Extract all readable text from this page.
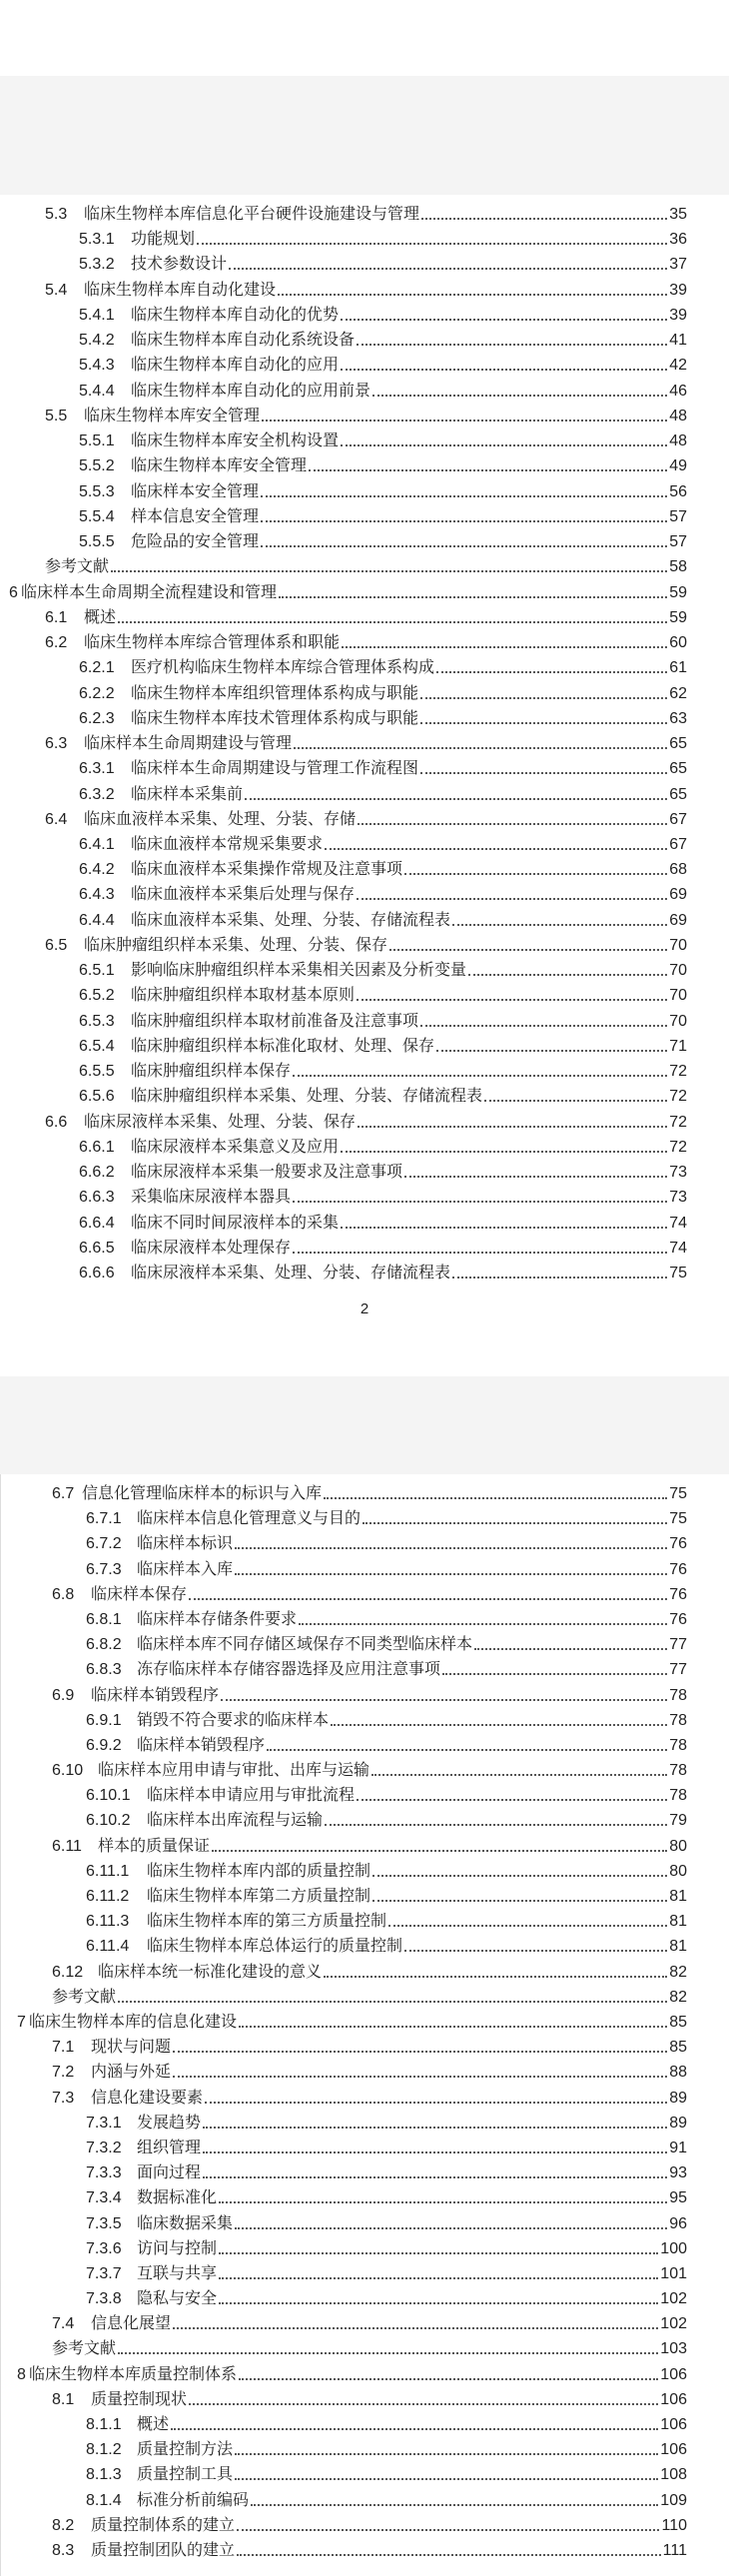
2
5.3 临床生物样本库信息化平台硬件设施建设与管理	35
5.3.1 功能规划	36
5.3.2 技术参数设计	37
5.4 临床生物样本库自动化建设	39
5.4.1 临床生物样本库自动化的优势	39
5.4.2 临床生物样本库自动化系统设备	41
5.4.3 临床生物样本库自动化的应用	42
5.4.4 临床生物样本库自动化的应用前景	46
5.5 临床生物样本库安全管理	48
5.5.1 临床生物样本库安全机构设置	48
5.5.2 临床生物样本库安全管理	49
5.5.3 临床样本安全管理	56
5.5.4 样本信息安全管理	57
5.5.5 危险品的安全管理	57
参考文献	58
6 临床样本生命周期全流程建设和管理	59
6.1 概述	59
6.2 临床生物样本库综合管理体系和职能	60
6.2.1 医疗机构临床生物样本库综合管理体系构成	61
6.2.2 临床生物样本库组织管理体系构成与职能	62
6.2.3 临床生物样本库技术管理体系构成与职能	63
6.3 临床样本生命周期建设与管理	65
6.3.1 临床样本生命周期建设与管理工作流程图	65
6.3.2 临床样本采集前	65
6.4 临床血液样本采集、处理、分装、存储	67
6.4.1 临床血液样本常规采集要求	67
6.4.2 临床血液样本采集操作常规及注意事项	68
6.4.3 临床血液样本采集后处理与保存	69
6.4.4 临床血液样本采集、处理、分装、存储流程表	69
6.5 临床肿瘤组织样本采集、处理、分装、保存	70
6.5.1 影响临床肿瘤组织样本采集相关因素及分析变量	70
6.5.2 临床肿瘤组织样本取材基本原则	70
6.5.3 临床肿瘤组织样本取材前准备及注意事项	70
6.5.4 临床肿瘤组织样本标准化取材、处理、保存	71
6.5.5 临床肿瘤组织样本保存	72
6.5.6 临床肿瘤组织样本采集、处理、分装、存储流程表	72
6.6 临床尿液样本采集、处理、分装、保存	72
6.6.1 临床尿液样本采集意义及应用	72
6.6.2 临床尿液样本采集一般要求及注意事项	73
6.6.3 采集临床尿液样本器具	73
6.6.4 临床不同时间尿液样本的采集	74
6.6.5 临床尿液样本处理保存	74
6.6.6 临床尿液样本采集、处理、分装、存储流程表	75
6.7 信息化管理临床样本的标识与入库	75
6.7.1 临床样本信息化管理意义与目的	75
6.7.2 临床样本标识	76
6.7.3 临床样本入库	76
6.8 临床样本保存	76
6.8.1 临床样本存储条件要求	76
6.8.2 临床样本库不同存储区域保存不同类型临床样本	77
6.8.3 冻存临床样本存储容器选择及应用注意事项	77
6.9 临床样本销毁程序	78
6.9.1 销毁不符合要求的临床样本	78
6.9.2 临床样本销毁程序	78
6.10 临床样本应用申请与审批、出库与运输	78
6.10.1 临床样本申请应用与审批流程	78
6.10.2 临床样本出库流程与运输	79
6.11 样本的质量保证	80
6.11.1 临床生物样本库内部的质量控制	80
6.11.2 临床生物样本库第二方质量控制	81
6.11.3 临床生物样本库的第三方质量控制	81
6.11.4 临床生物样本库总体运行的质量控制	81
6.12 临床样本统一标准化建设的意义	82
参考文献	82
7 临床生物样本库的信息化建设	85
7.1 现状与问题	85
7.2 内涵与外延	88
7.3 信息化建设要素	89
7.3.1 发展趋势	89
7.3.2 组织管理	91
7.3.3 面向过程	93
7.3.4 数据标准化	95
7.3.5 临床数据采集	96
7.3.6 访问与控制	100
7.3.7 互联与共享	101
7.3.8 隐私与安全	102
7.4 信息化展望	102
参考文献	103
8 临床生物样本库质量控制体系	106
8.1 质量控制现状	106
8.1.1 概述	106
8.1.2 质量控制方法	106
8.1.3 质量控制工具	108
8.1.4 标准分析前编码	109
8.2 质量控制体系的建立	110
8.3 质量控制团队的建立	111
